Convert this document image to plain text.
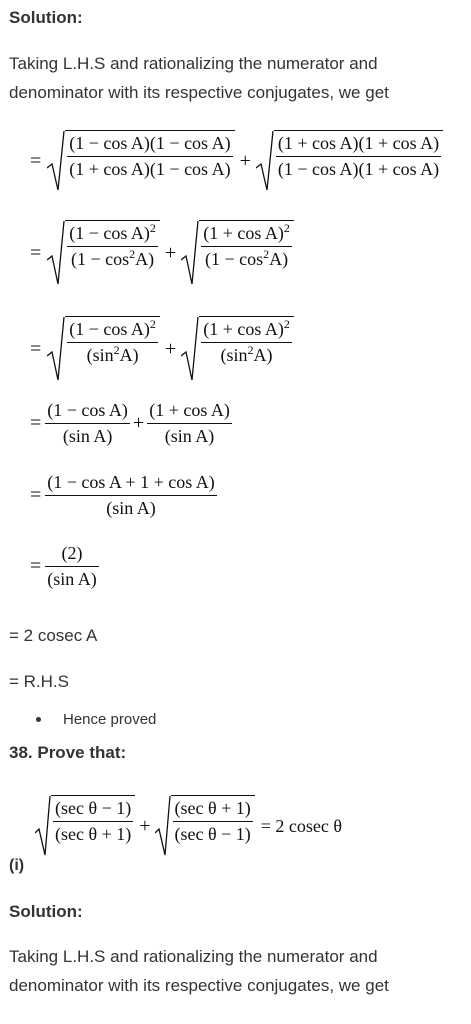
Solution:
Taking L.H.S and rationalizing the numerator and denominator with its respective conjugates, we get
= $\frac{\text{(1 − cos A)(1 − cos A)}}{\text{(1 + cos A)(1 − cos A)}} + \frac{\text{(1 + cos A)(1 + cos A)}}{\text{(1 − cos A)(1 + cos A)}}$
= $\frac{(1 - \cos A)^2}{(1 - \cos^2A)} + \frac{(1 + \cos A)^2}{(1 - \cos^2A)}$
= $\frac{(1 - \cos A)^2}{(\sin^2A)} + \frac{(1 + \cos A)^2}{(\sin^2A)}$
= $\frac{\text{(1 − cos A)}}{\text{(sin A)}} + \frac{\text{(1 + cos A)}}{\text{(sin A)}}$
= $\frac{\text{(1 − cos A + 1 + cos A)}}{\text{(sin A)}}$
= $\frac{(2)}{\text{(sin A)}}$
= 2 cosec A
= R.H.S
Hence proved
38. Prove that:
$\frac{\text{(sec θ − 1)}}{\text{(sec θ + 1)}} + \frac{\text{(sec θ + 1)}}{\text{(sec θ − 1)}} = 2$ cosec θ
(i)
Solution:
Taking L.H.S and rationalizing the numerator and denominator with its respective conjugates, we get
